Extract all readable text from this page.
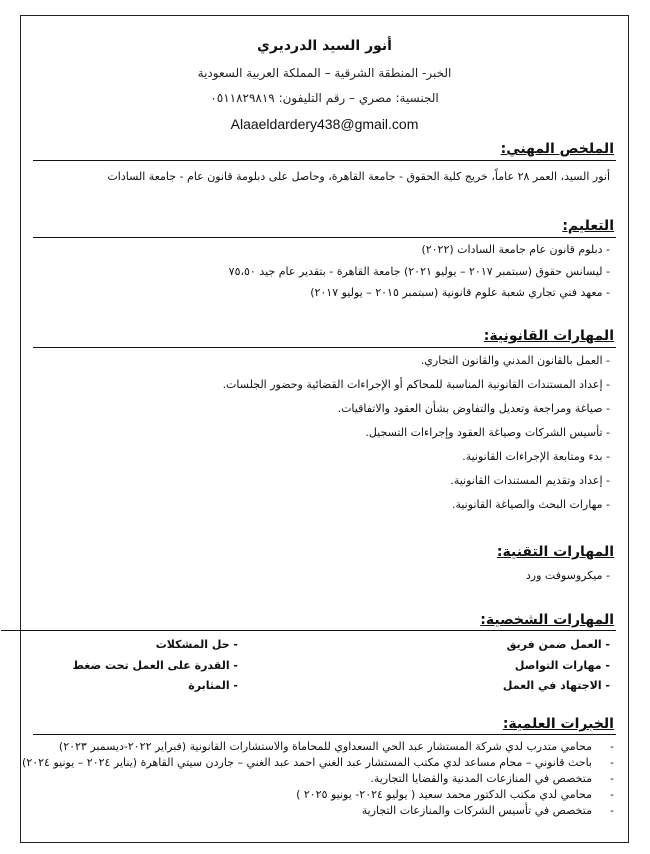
أنور السيد الدرديري
الخبر- المنطقة الشرقية – المملكة العربية السعودية
الجنسية: مصري – رقم التليفون: ٠٥١١٨٢٩٨١٩
Alaaeldardery438@gmail.com
الملخص المهني:
أنور السيد، العمر ٢٨ عاماً، خريج كلية الحقوق - جامعة القاهرة، وحاصل على دبلومة قانون عام - جامعة السادات
التعليم:
- دبلوم قانون عام جامعة السادات (٢٠٢٢)
- ليسانس حقوق (سبتمبر ٢٠١٧ – يوليو ٢٠٢١) جامعة القاهرة - بتقدير عام جيد ٧٥،٥٠
- معهد فني تجاري شعبة علوم قانونية (سبتمبر ٢٠١٥ – يوليو ٢٠١٧)
المهارات القانونية:
- العمل بالقانون المدني والقانون التجاري.
- إعداد المستندات القانونية المناسبة للمحاكم أو الإجراءات القضائية وحضور الجلسات.
- صياغة ومراجعة وتعديل والتفاوض بشأن العقود والاتفاقيات.
- تأسيس الشركات وصياغة العقود وإجراءات التسجيل.
- بدء ومتابعة الإجراءات القانونية.
- إعداد وتقديم المستندات القانونية.
- مهارات البحث والصياغة القانونية.
المهارات التقنية:
- ميكروسوفت ورد
المهارات الشخصية:
- العمل ضمن فريق
- مهارات التواصل
- الاجتهاد في العمل
- حل المشكلات
- القدرة على العمل تحت ضغط
- المثابرة
الخبرات العلمية:
-محامي متدرب لدي شركة المستشار عبد الحي السعداوي للمحاماة والاستشارات القانونية (فبراير ٢٠٢٢-ديسمبر ٢٠٢٣)
-باحث قانوني – محام مساعد لدي مكتب المستشار عبد الغني احمد عبد الغني – جاردن سيتي القاهرة (يناير ٢٠٢٤ – يونيو ٢٠٢٤)
-متخصص في المنازعات المدنية والقضايا التجارية.
-محامي لدي مكتب الدكتور محمد سعيد ( يوليو ٢٠٢٤- يونيو ٢٠٢٥ )
-متخصص في تأسيس الشركات والمنازعات التجارية
